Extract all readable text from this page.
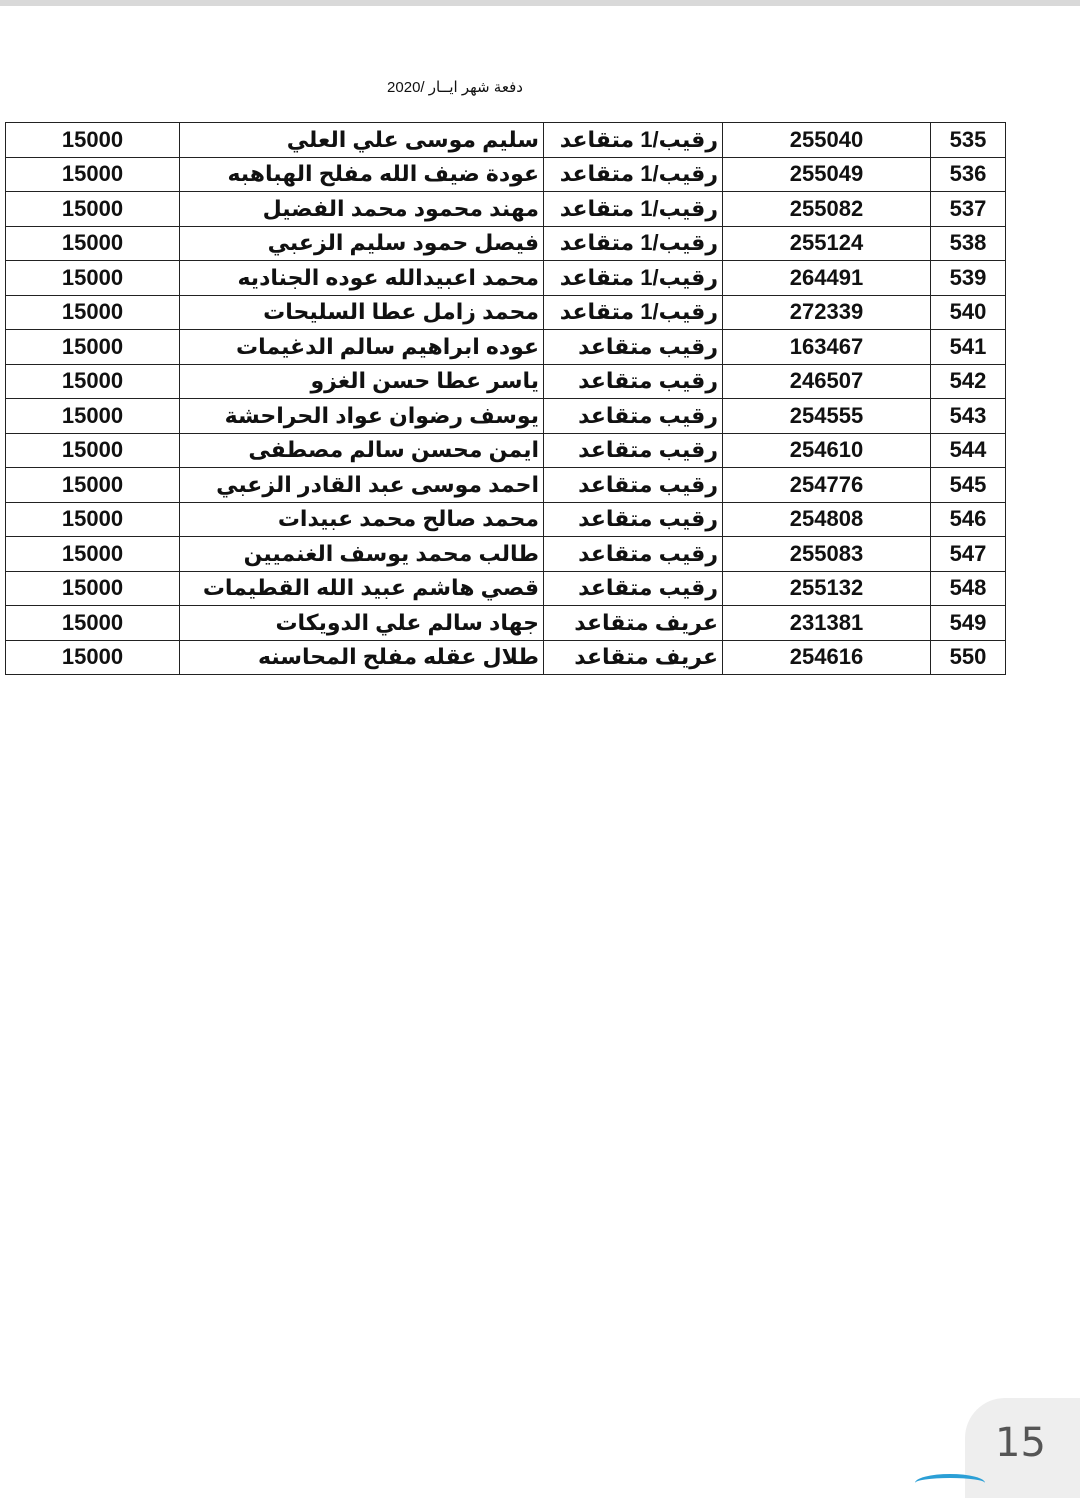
دفعة شهر ايــار /2020
15000	سليم موسى علي العلي	رقيب/1 متقاعد	255040	535
15000	عودة ضيف الله مفلح الهباهبه	رقيب/1 متقاعد	255049	536
15000	مهند محمود محمد الفضيل	رقيب/1 متقاعد	255082	537
15000	فيصل حمود سليم الزعبي	رقيب/1 متقاعد	255124	538
15000	محمد اعبيدالله عوده الجناديه	رقيب/1 متقاعد	264491	539
15000	محمد زامل عطا السليحات	رقيب/1 متقاعد	272339	540
15000	عوده ابراهيم سالم الدغيمات	رقيب متقاعد	163467	541
15000	ياسر عطا حسن الغزو	رقيب متقاعد	246507	542
15000	يوسف رضوان عواد الحراحشة	رقيب متقاعد	254555	543
15000	ايمن محسن سالم مصطفى	رقيب متقاعد	254610	544
15000	احمد موسى عبد القادر الزعبي	رقيب متقاعد	254776	545
15000	محمد صالح محمد عبيدات	رقيب متقاعد	254808	546
15000	طالب محمد يوسف الغنميين	رقيب متقاعد	255083	547
15000	قصي هاشم عبيد الله القطيمات	رقيب متقاعد	255132	548
15000	جهاد سالم علي الدويكات	عريف متقاعد	231381	549
15000	طلال عقله مفلح المحاسنه	عريف متقاعد	254616	550
15
